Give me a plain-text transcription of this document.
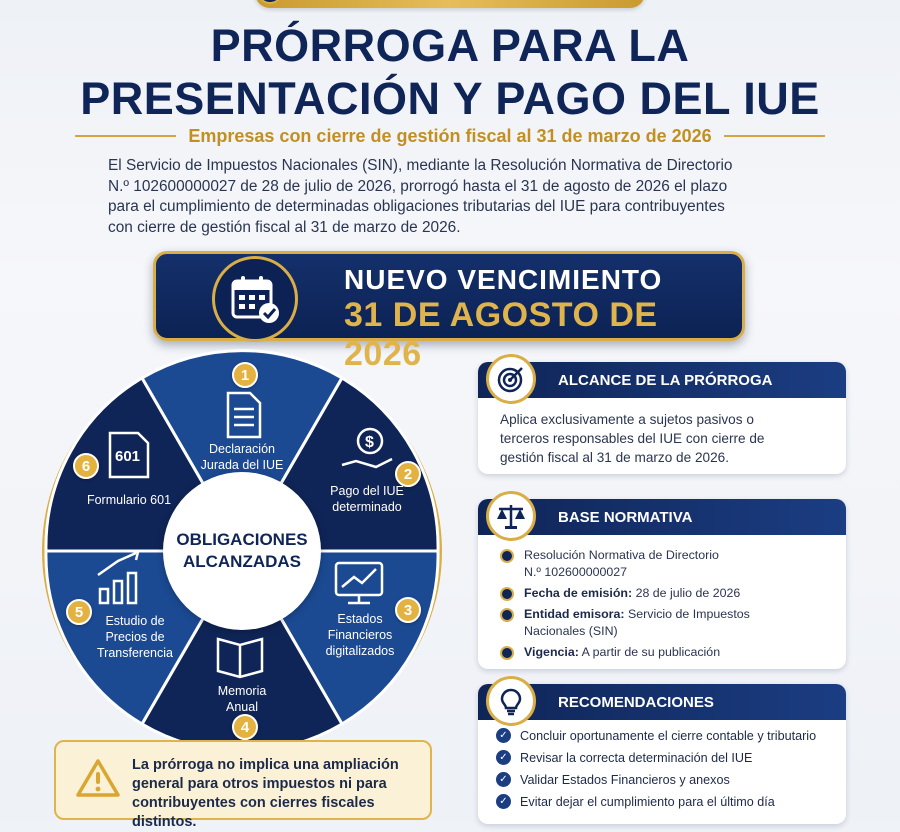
PRÓRROGA PARA LA
PRESENTACIÓN Y PAGO DEL IUE
Empresas con cierre de gestión fiscal al 31 de marzo de 2026
El Servicio de Impuestos Nacionales (SIN), mediante la Resolución Normativa de Directorio
N.º 102600000027 de 28 de julio de 2026, prorrogó hasta el 31 de agosto de 2026 el plazo
para el cumplimiento de determinadas obligaciones tributarias del IUE para contribuyentes
con cierre de gestión fiscal al 31 de marzo de 2026.
NUEVO VENCIMIENTO
31 DE AGOSTO DE 2026
$
601
1
2
3
4
5
6
Declaración
Jurada del IUE
Pago del IUE
determinado
Estados
Financieros
digitalizados
Memoria
Anual
Estudio de
Precios de
Transferencia
Formulario 601
OBLIGACIONES
ALCANZADAS
ALCANCE DE LA PRÓRROGA
Aplica exclusivamente a sujetos pasivos o
terceros responsables del IUE con cierre de
gestión fiscal al 31 de marzo de 2026.
BASE NORMATIVA
Resolución Normativa de Directorio
N.º 102600000027
Fecha de emisión: 28 de julio de 2026
Entidad emisora: Servicio de Impuestos
Nacionales (SIN)
Vigencia: A partir de su publicación
RECOMENDACIONES
✓ Concluir oportunamente el cierre contable y tributario
✓ Revisar la correcta determinación del IUE
✓ Validar Estados Financieros y anexos
✓ Evitar dejar el cumplimiento para el último día
La prórroga no implica una ampliación
general para otros impuestos ni para
contribuyentes con cierres fiscales distintos.
